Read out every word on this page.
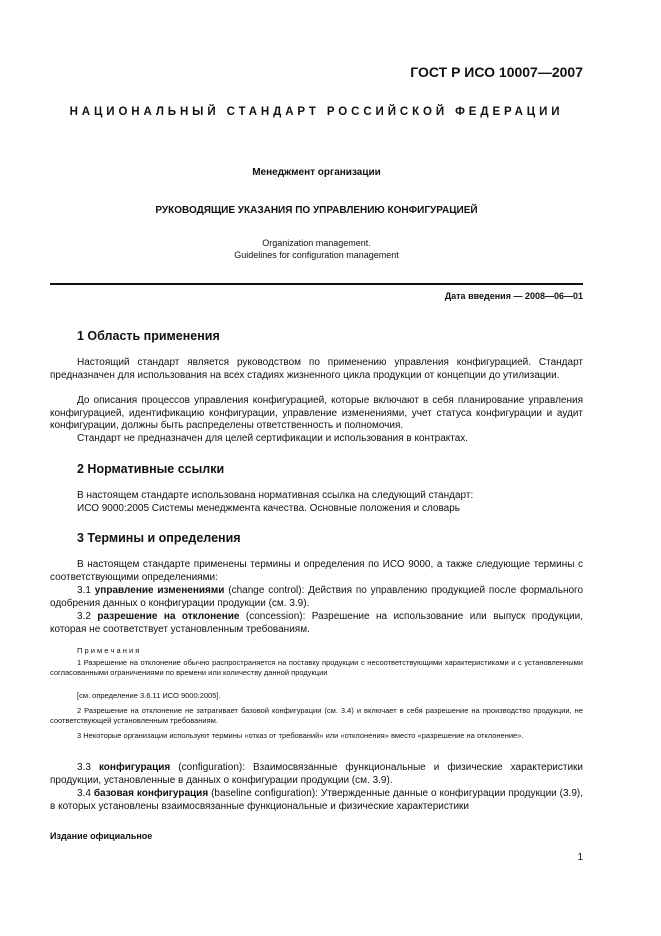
ГОСТ Р ИСО 10007—2007
НАЦИОНАЛЬНЫЙ СТАНДАРТ РОССИЙСКОЙ ФЕДЕРАЦИИ
Менеджмент организации
РУКОВОДЯЩИЕ УКАЗАНИЯ ПО УПРАВЛЕНИЮ КОНФИГУРАЦИЕЙ
Organization management.
Guidelines for configuration management
Дата введения — 2008—06—01
1 Область применения
Настоящий стандарт является руководством по применению управления конфигурацией. Стандарт предназначен для использования на всех стадиях жизненного цикла продукции от концепции до утилизации.
До описания процессов управления конфигурацией, которые включают в себя планирование управления конфигурацией, идентификацию конфигурации, управление изменениями, учет статуса конфигурации и аудит конфигурации, должны быть распределены ответственность и полномочия.
Стандарт не предназначен для целей сертификации и использования в контрактах.
2 Нормативные ссылки
В настоящем стандарте использована нормативная ссылка на следующий стандарт:
ИСО 9000:2005 Системы менеджмента качества. Основные положения и словарь
3 Термины и определения
В настоящем стандарте применены термины и определения по ИСО 9000, а также следующие термины с соответствующими определениями:
3.1 управление изменениями (change control): Действия по управлению продукцией после формального одобрения данных о конфигурации продукции (см. 3.9).
3.2 разрешение на отклонение (concession): Разрешение на использование или выпуск продукции, которая не соответствует установленным требованиям.
П р и м е ч а н и я
1 Разрешение на отклонение обычно распространяется на поставку продукции с несоответствующими характеристиками и с установленными согласованными ограничениями по времени или количеству данной продукции
[см. определение 3.6.11 ИСО 9000:2005].
2 Разрешение на отклонение не затрагивает базовой конфигурации (см. 3.4) и включает в себя разрешение на производство продукции, не соответствующей установленным требованиям.
3 Некоторые организации используют термины «отказ от требований» или «отклонения» вместо «разрешение на отклонение».
3.3 конфигурация (configuration): Взаимосвязанные функциональные и физические характеристики продукции, установленные в данных о конфигурации продукции (см. 3.9).
3.4 базовая конфигурация (baseline configuration): Утвержденные данные о конфигурации продукции (3.9), в которых установлены взаимосвязанные функциональные и физические характеристики
Издание официальное
1
